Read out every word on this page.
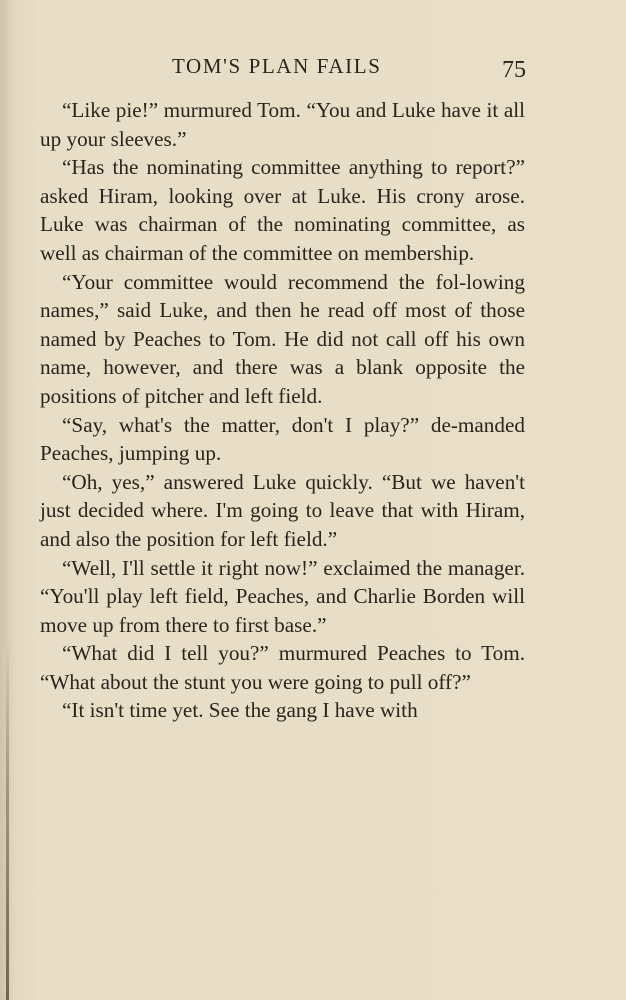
TOM'S PLAN FAILS	75

“Like pie!” murmured Tom. “You and Luke have it all up your sleeves.”

“Has the nominating committee anything to report?” asked Hiram, looking over at Luke. His crony arose. Luke was chairman of the nominating committee, as well as chairman of the committee on membership.

“Your committee would recommend the fol-lowing names,” said Luke, and then he read off most of those named by Peaches to Tom. He did not call off his own name, however, and there was a blank opposite the positions of pitcher and left field.

“Say, what's the matter, don't I play?” de-manded Peaches, jumping up.

“Oh, yes,” answered Luke quickly. “But we haven't just decided where. I'm going to leave that with Hiram, and also the position for left field.”

“Well, I'll settle it right now!” exclaimed the manager. “You'll play left field, Peaches, and Charlie Borden will move up from there to first base.”

“What did I tell you?” murmured Peaches to Tom. “What about the stunt you were going to pull off?”

“It isn't time yet. See the gang I have with
